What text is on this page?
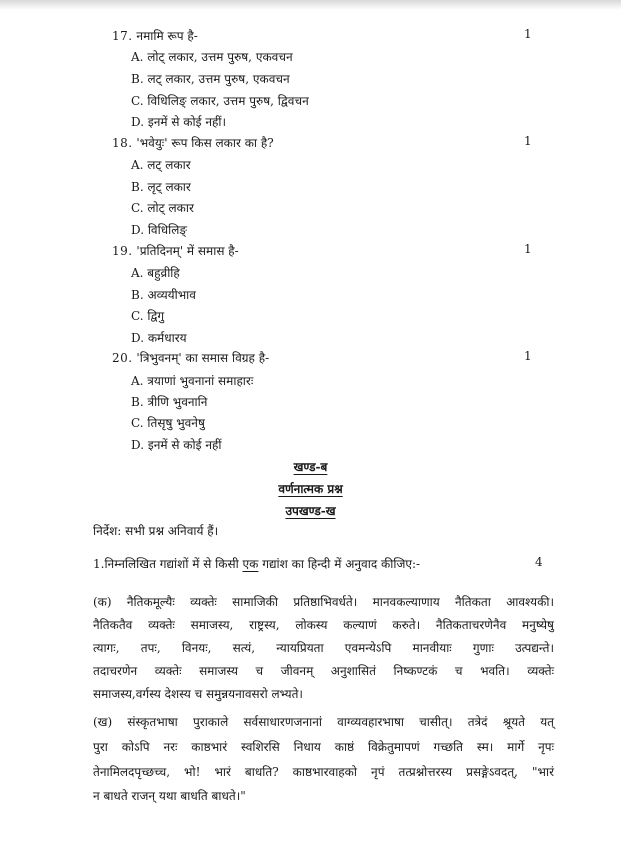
17. नमामि रूप है-	1
A. लोट् लकार, उत्तम पुरुष, एकवचन
B. लट् लकार, उत्तम पुरुष, एकवचन
C. विधिलिङ् लकार, उत्तम पुरुष, द्विवचन
D. इनमें से कोई नहीं।
18. 'भवेयुः' रूप किस लकार का है?	1
A. लट् लकार
B. लृट् लकार
C. लोट् लकार
D. विधिलिङ्
19. 'प्रतिदिनम्' में समास है-	1
A. बहुव्रीहि
B. अव्ययीभाव
C. द्विगु
D. कर्मधारय
20. 'त्रिभुवनम्' का समास विग्रह है-	1
A. त्रयाणां भुवनानां समाहारः
B. त्रीणि भुवनानि
C. तिसृषु भुवनेषु
D. इनमें से कोई नहीं
खण्ड-ब
वर्णनात्मक प्रश्न
उपखण्ड-ख
निर्देश: सभी प्रश्न अनिवार्य हैं।
1.निम्नलिखित गद्यांशों में से किसी एक गद्यांश का हिन्दी में अनुवाद कीजिए:-	4
(क) नैतिकमूल्यैः व्यक्तेः सामाजिकी प्रतिष्ठाभिवर्धते। मानवकल्याणाय नैतिकता आवश्यकी।
नैतिकतैव व्यक्तेः समाजस्य, राष्ट्रस्य, लोकस्य कल्याणं करुते। नैतिकताचरणेनैव मनुष्येषु
त्यागः, तपः, विनयः, सत्यं, न्यायप्रियता एवमन्येऽपि मानवीयाः गुणाः उत्पद्यन्ते।
तदाचरणेन व्यक्तेः समाजस्य च जीवनम् अनुशासितं निष्कण्टकं च भवति। व्यक्तेः
समाजस्य,वर्गस्य देशस्य च समुन्नयनावसरो लभ्यते।
(ख) संस्कृतभाषा पुराकाले सर्वसाधारणजनानां वाग्व्यवहारभाषा चासीत्। तत्रेदं श्रूयते यत्
पुरा कोऽपि नरः काष्ठभारं स्वशिरसि निधाय काष्ठं विक्रेतुमापणं गच्छति स्म। मार्गे नृपः
तेनामिलदपृच्छच्च, भो! भारं बाधति? काष्ठभारवाहको नृपं तत्प्रश्नोत्तरस्य प्रसङ्गेऽवदत्, "भारं
न बाधते राजन् यथा बाधति बाधते।"
